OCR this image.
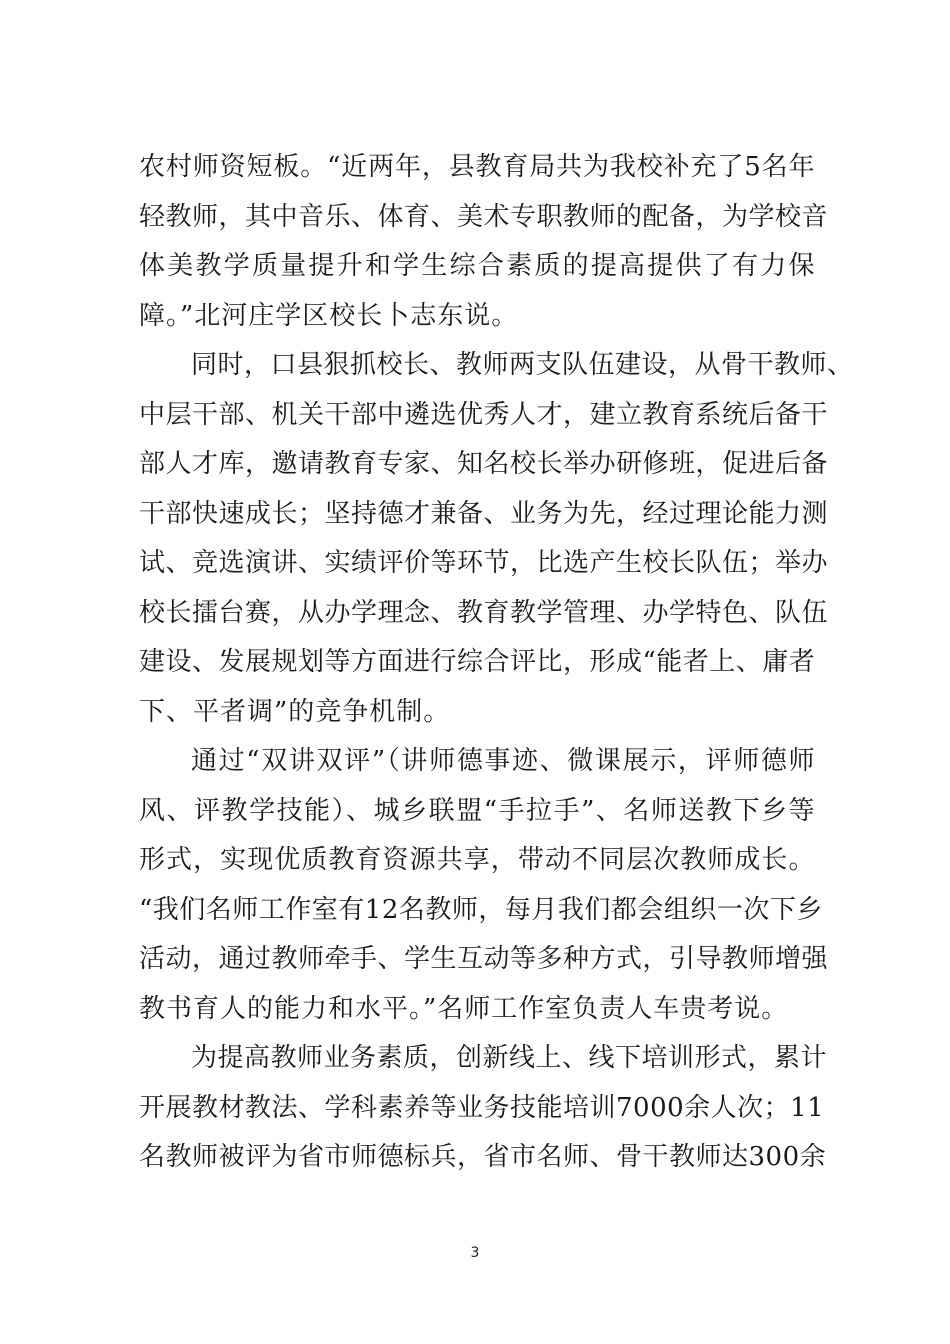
农村师资短板。“近两年，县教育局共为我校补充了5名年
轻教师，其中音乐、体育、美术专职教师的配备，为学校音
体美教学质量提升和学生综合素质的提高提供了有力保
障。”北河庄学区校长卜志东说。
同时，口县狠抓校长、教师两支队伍建设，从骨干教师、
中层干部、机关干部中遴选优秀人才，建立教育系统后备干
部人才库，邀请教育专家、知名校长举办研修班，促进后备
干部快速成长；坚持德才兼备、业务为先，经过理论能力测
试、竞选演讲、实绩评价等环节，比选产生校长队伍；举办
校长擂台赛，从办学理念、教育教学管理、办学特色、队伍
建设、发展规划等方面进行综合评比，形成“能者上、庸者
下、平者调”的竞争机制。
通过“双讲双评”（讲师德事迹、微课展示，评师德师
风、评教学技能）、城乡联盟“手拉手”、名师送教下乡等
形式，实现优质教育资源共享，带动不同层次教师成长。
“我们名师工作室有12名教师，每月我们都会组织一次下乡
活动，通过教师牵手、学生互动等多种方式，引导教师增强
教书育人的能力和水平。”名师工作室负责人车贵考说。
为提高教师业务素质，创新线上、线下培训形式，累计
开展教材教法、学科素养等业务技能培训7000余人次；11
名教师被评为省市师德标兵，省市名师、骨干教师达300余
3
